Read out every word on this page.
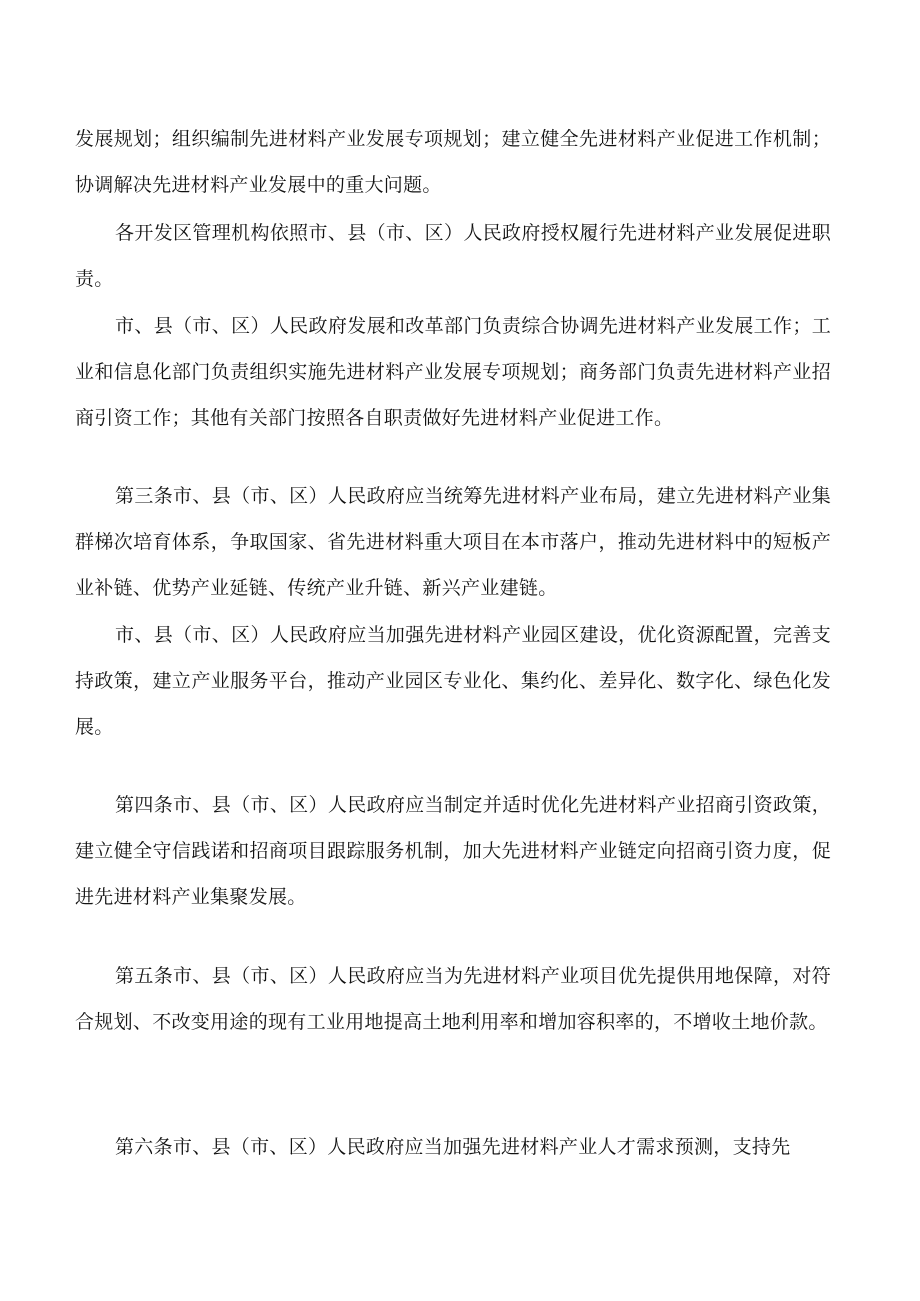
发展规划；组织编制先进材料产业发展专项规划；建立健全先进材料产业促进工作机制；协调解决先进材料产业发展中的重大问题。

各开发区管理机构依照市、县（市、区）人民政府授权履行先进材料产业发展促进职责。

市、县（市、区）人民政府发展和改革部门负责综合协调先进材料产业发展工作；工业和信息化部门负责组织实施先进材料产业发展专项规划；商务部门负责先进材料产业招商引资工作；其他有关部门按照各自职责做好先进材料产业促进工作。

第三条市、县（市、区）人民政府应当统筹先进材料产业布局，建立先进材料产业集群梯次培育体系，争取国家、省先进材料重大项目在本市落户，推动先进材料中的短板产业补链、优势产业延链、传统产业升链、新兴产业建链。

市、县（市、区）人民政府应当加强先进材料产业园区建设，优化资源配置，完善支持政策，建立产业服务平台，推动产业园区专业化、集约化、差异化、数字化、绿色化发展。

第四条市、县（市、区）人民政府应当制定并适时优化先进材料产业招商引资政策，建立健全守信践诺和招商项目跟踪服务机制，加大先进材料产业链定向招商引资力度，促进先进材料产业集聚发展。

第五条市、县（市、区）人民政府应当为先进材料产业项目优先提供用地保障，对符合规划、不改变用途的现有工业用地提高土地利用率和增加容积率的，不增收土地价款。

第六条市、县（市、区）人民政府应当加强先进材料产业人才需求预测，支持先
